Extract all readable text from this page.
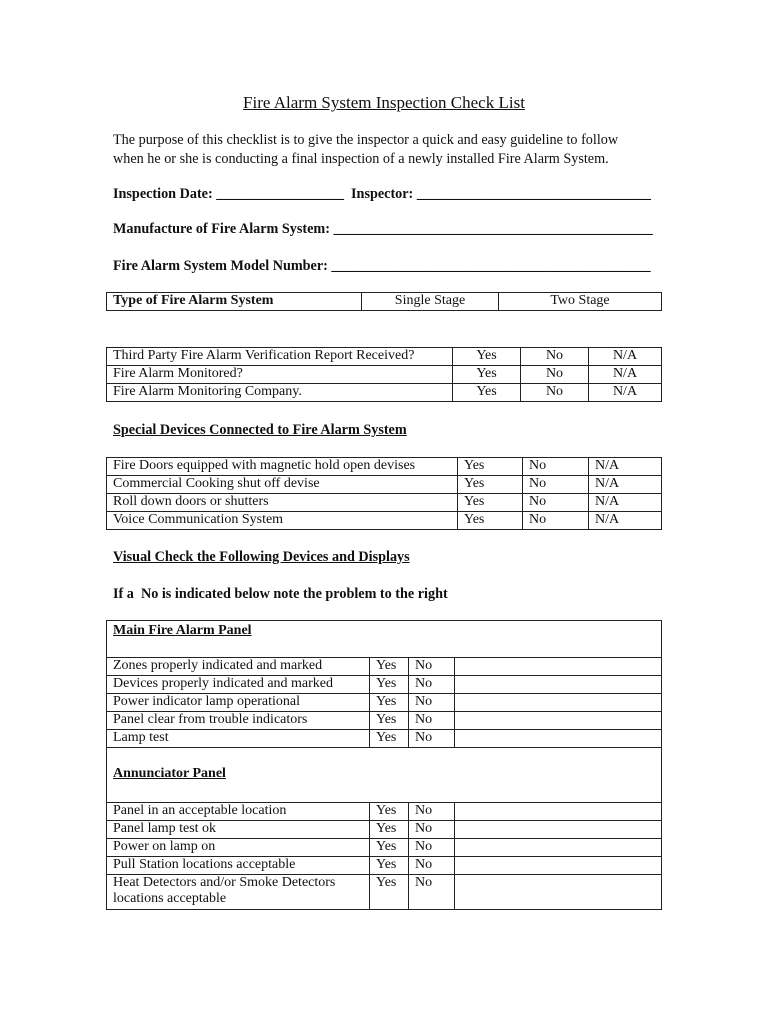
Fire Alarm System Inspection Check List
The purpose of this checklist is to give the inspector a quick and easy guideline to follow
when he or she is conducting a final inspection of a newly installed Fire Alarm System.
Inspection Date: __________________  Inspector: _________________________________
Manufacture of Fire Alarm System: _____________________________________________
Fire Alarm System Model Number: _____________________________________________
Type of Fire Alarm System	Single Stage	Two Stage
Third Party Fire Alarm Verification Report Received?	Yes	No	N/A
Fire Alarm Monitored?	Yes	No	N/A
Fire Alarm Monitoring Company.	Yes	No	N/A
Special Devices Connected to Fire Alarm System
Fire Doors equipped with magnetic hold open devises	Yes	No	N/A
Commercial Cooking shut off devise	Yes	No	N/A
Roll down doors or shutters	Yes	No	N/A
Voice Communication System	Yes	No	N/A
Visual Check the Following Devices and Displays
If a  No is indicated below note the problem to the right
Main Fire Alarm Panel			
Zones properly indicated and marked	Yes	No	
Devices properly indicated and marked	Yes	No	
Power indicator lamp operational	Yes	No	
Panel clear from trouble indicators	Yes	No	
Lamp test	Yes	No	
Annunciator Panel			
Panel in an acceptable location	Yes	No	
Panel lamp test ok	Yes	No	
Power on lamp on	Yes	No	
Pull Station locations acceptable	Yes	No	

Heat Detectors and/or Smoke Detectors
locations acceptable	Yes	No	
